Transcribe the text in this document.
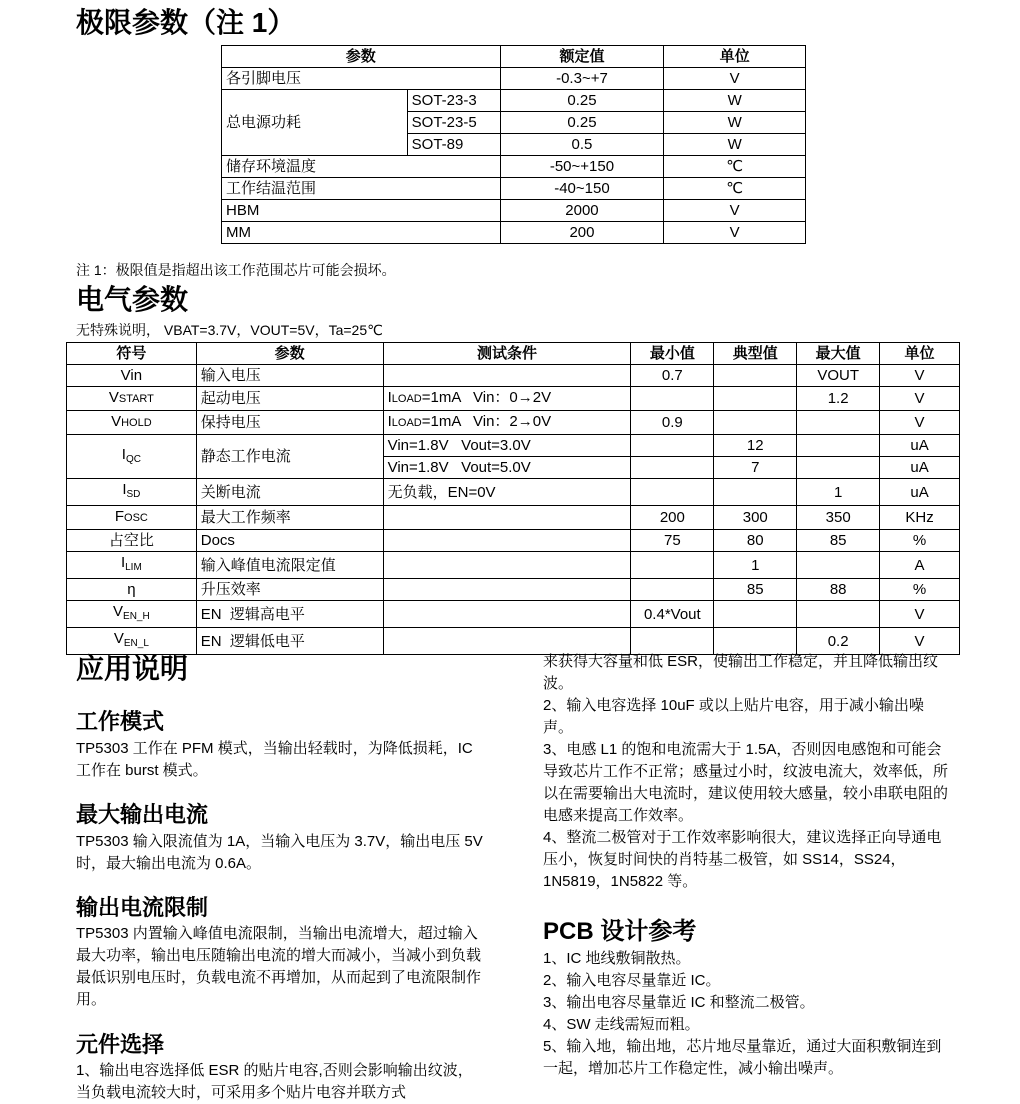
极限参数（注 1）
参数		额定值	单位
各引脚电压		-0.3~+7	V
总电源功耗	SOT-23-3	0.25	W
	SOT-23-5	0.25	W
	SOT-89	0.5	W
储存环境温度		-50~+150	℃
工作结温范围		-40~150	℃
HBM		2000	V
MM		200	V
注 1：极限值是指超出该工作范围芯片可能会损坏。
电气参数
无特殊说明， VBAT=3.7V，VOUT=5V，Ta=25℃
符号	参数	测试条件	最小值	典型值	最大值	单位
Vin	输入电压		0.7		VOUT	V
VSTART	起动电压	ILOAD=1mA   Vin：0→2V			1.2	V
VHOLD	保持电压	ILOAD=1mA   Vin：2→0V	0.9			V
$I_{QC}$	静态工作电流	Vin=1.8V   Vout=3.0V		12		uA
		Vin=1.8V   Vout=5.0V		7		uA
$I_{SD}$	关断电流	无负载，EN=0V			1	uA
FOSC	最大工作频率		200	300	350	KHz
占空比	Docs		75	80	85	%
$I_{LIM}$	输入峰值电流限定值			1		A
η	升压效率			85	88	%
$V_{EN\_H}$	EN  逻辑高电平		0.4*Vout			V
$V_{EN\_L}$	EN  逻辑低电平				0.2	V
应用说明
工作模式
TP5303 工作在 PFM 模式，当输出轻载时，为降低损耗，IC 工作在 burst 模式。
最大输出电流
TP5303 输入限流值为 1A，当输入电压为 3.7V，输出电压 5V 时，最大输出电流为 0.6A。
输出电流限制
TP5303 内置输入峰值电流限制，当输出电流增大，超过输入最大功率，输出电压随输出电流的增大而减小，当减小到负载最低识别电压时，负载电流不再增加，从而起到了电流限制作用。
元件选择
1、输出电容选择低 ESR 的贴片电容,否则会影响输出纹波，当负载电流较大时，可采用多个贴片电容并联方式

来获得大容量和低 ESR，使输出工作稳定，并且降低输出纹波。

2、输入电容选择 10uF 或以上贴片电容，用于减小输出噪声。

3、电感 L1 的饱和电流需大于 1.5A，否则因电感饱和可能会导致芯片工作不正常；感量过小时，纹波电流大，效率低，所以在需要输出大电流时，建议使用较大感量，较小串联电阻的电感来提高工作效率。

4、整流二极管对于工作效率影响很大，建议选择正向导通电压小，恢复时间快的肖特基二极管，如 SS14，SS24，1N5819，1N5822 等。

PCB 设计参考

1、IC 地线敷铜散热。

2、输入电容尽量靠近 IC。

3、输出电容尽量靠近 IC 和整流二极管。

4、SW 走线需短而粗。

5、输入地，输出地，芯片地尽量靠近，通过大面积敷铜连到一起，增加芯片工作稳定性，减小输出噪声。
